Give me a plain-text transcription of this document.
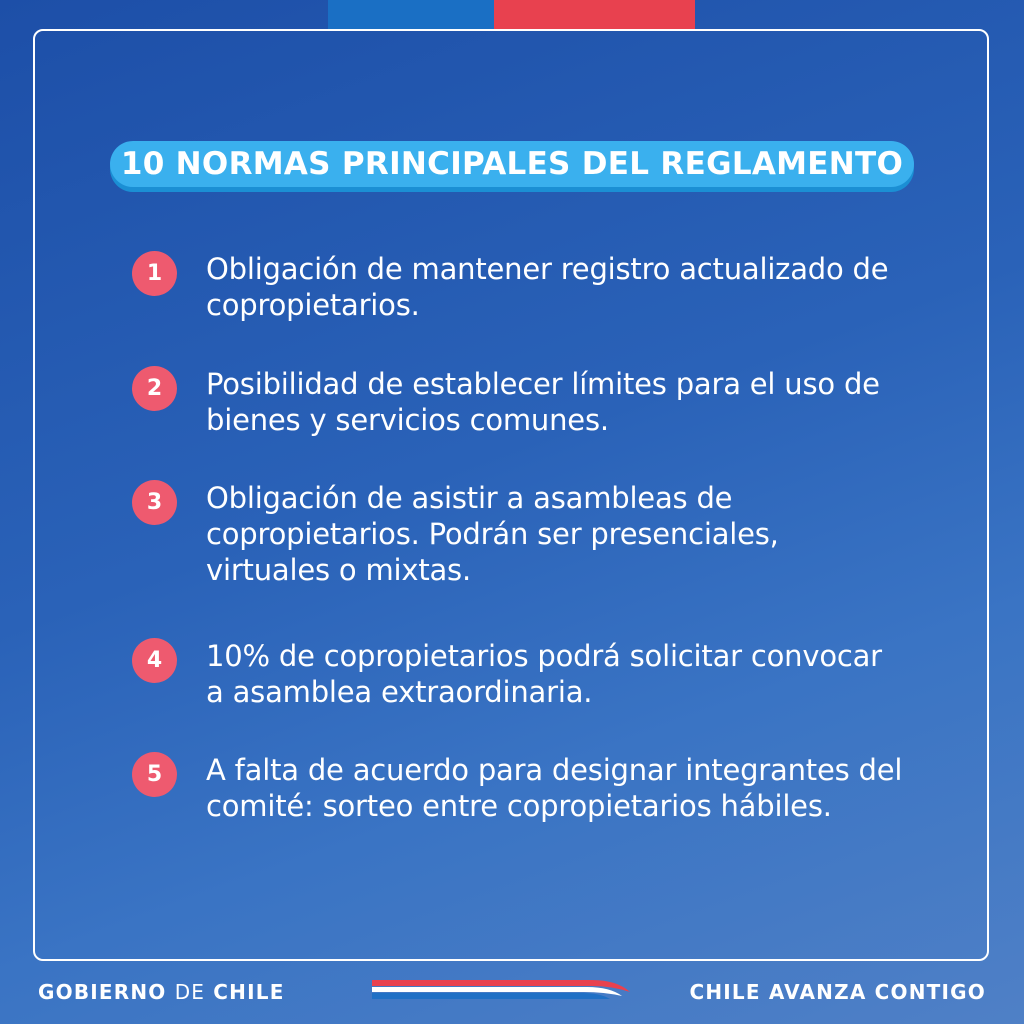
10 NORMAS PRINCIPALES DEL REGLAMENTO
1	Obligación de mantener registro actualizado de copropietarios.
2	Posibilidad de establecer límites para el uso de bienes y servicios comunes.
3	Obligación de asistir a asambleas de copropietarios. Podrán ser presenciales, virtuales o mixtas.
4	10% de copropietarios podrá solicitar convocar a asamblea extraordinaria.
5	A falta de acuerdo para designar integrantes del comité: sorteo entre copropietarios hábiles.
GOBIERNO DE CHILE	CHILE AVANZA CONTIGO
